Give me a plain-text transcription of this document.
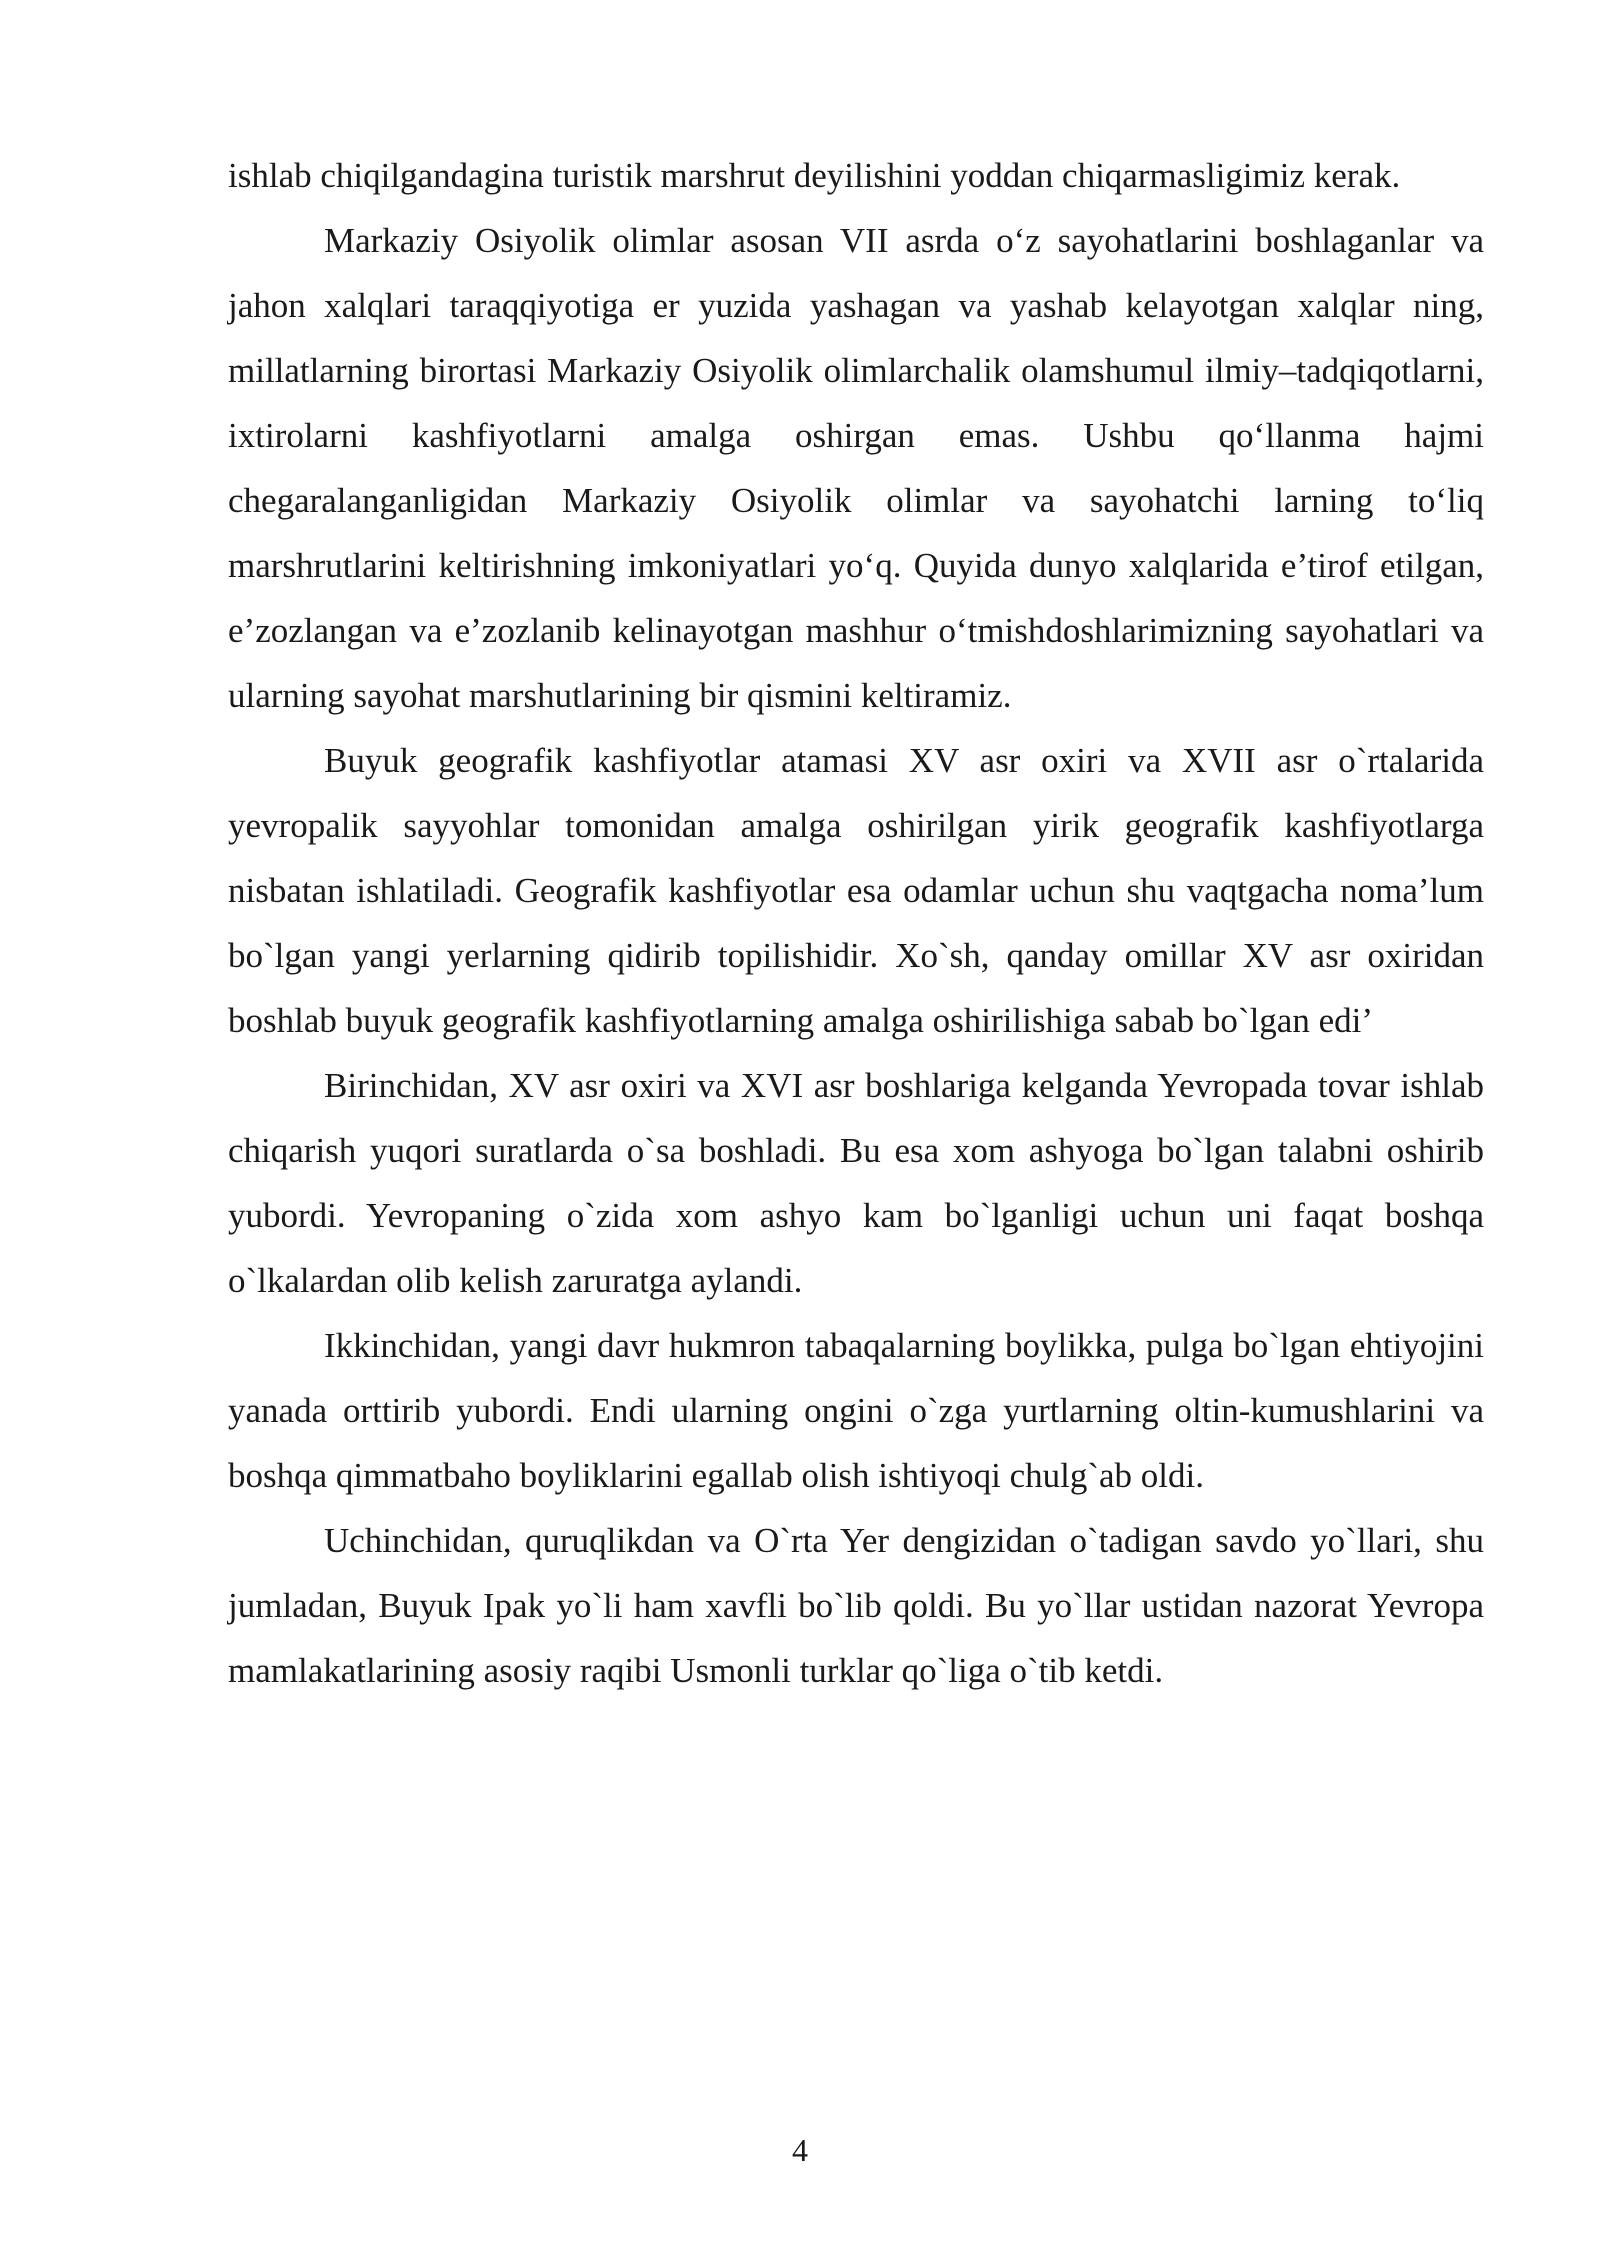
ishlab chiqilgandagina turistik marshrut deyilishini yoddan chiqarmasligimiz kerak.

Markaziy Osiyolik olimlar asosan VII asrda o‘z sayohatlarini boshlaganlar va jahon xalqlari taraqqiyotiga er yuzida yashagan va yashab kelayotgan xalqlar ning, millatlarning birortasi Markaziy Osiyolik olimlarchalik olamshumul ilmiy–tadqiqotlarni, ixtirolarni kashfiyotlarni amalga oshirgan emas. Ushbu qo‘llanma hajmi chegaralanganligidan Markaziy Osiyolik olimlar va sayohatchi larning to‘liq marshrutlarini keltirishning imkoniyatlari yo‘q. Quyida dunyo xalqlarida e’tirof etilgan, e’zozlangan va e’zozlanib kelinayotgan mashhur o‘tmishdoshlarimizning sayohatlari va ularning sayohat marshutlarining bir qismini keltiramiz.

Buyuk geografik kashfiyotlar atamasi XV asr oxiri va XVII asr o`rtalarida yevropalik sayyohlar tomonidan amalga oshirilgan yirik geografik kashfiyotlarga nisbatan ishlatiladi. Geografik kashfiyotlar esa odamlar uchun shu vaqtgacha noma’lum bo`lgan yangi yerlarning qidirib topilishidir. Xo`sh, qanday omillar XV asr oxiridan boshlab buyuk geografik kashfiyotlarning amalga oshirilishiga sabab bo`lgan edi’

Birinchidan, XV asr oxiri va XVI asr boshlariga kelganda Yevropada tovar ishlab chiqarish yuqori suratlarda o`sa boshladi. Bu esa xom ashyoga bo`lgan talabni oshirib yubordi. Yevropaning o`zida xom ashyo kam bo`lganligi uchun uni faqat boshqa o`lkalardan olib kelish zaruratga aylandi.

Ikkinchidan, yangi davr hukmron tabaqalarning boylikka, pulga bo`lgan ehtiyojini yanada orttirib yubordi. Endi ularning ongini o`zga yurtlarning oltin-kumushlarini va boshqa qimmatbaho boyliklarini egallab olish ishtiyoqi chulg`ab oldi.

Uchinchidan, quruqlikdan va O`rta Yer dengizidan o`tadigan savdo yo`llari, shu jumladan, Buyuk Ipak yo`li ham xavfli bo`lib qoldi. Bu yo`llar ustidan nazorat Yevropa mamlakatlarining asosiy raqibi Usmonli turklar qo`liga o`tib ketdi.

4
